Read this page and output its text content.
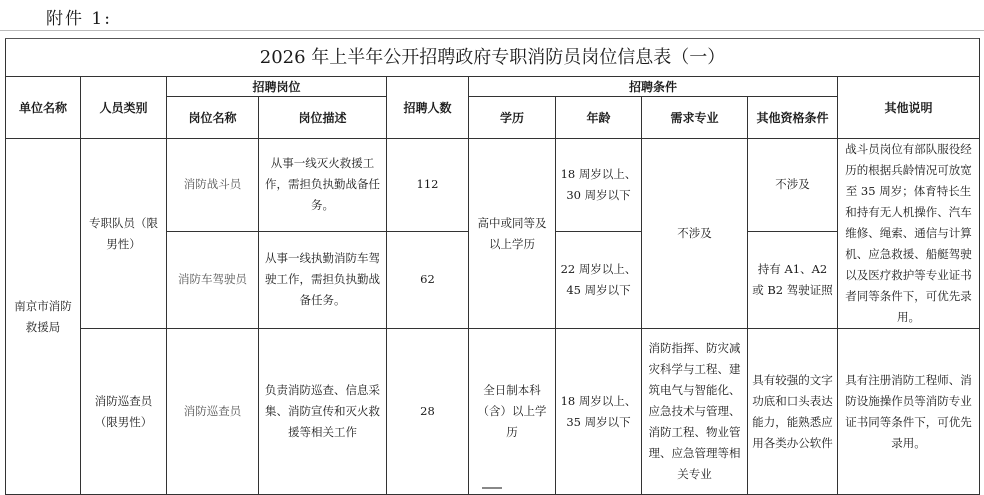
附件 1:
2026 年上半年公开招聘政府专职消防员岗位信息表（一）									
单位名称	人员类别	招聘岗位		招聘人数	招聘条件				其他说明
		岗位名称	岗位描述		学历	年龄	需求专业	其他资格条件	
南京市消防救援局	专职队员（限男性）	消防战斗员	从事一线灭火救援工作，需担负执勤战备任务。	112	高中或同等及以上学历	18 周岁以上、30 周岁以下	不涉及	不涉及	战斗员岗位有部队服役经历的根据兵龄情况可放宽至 35 周岁；体育特长生和持有无人机操作、汽车维修、绳索、通信与计算机、应急救援、船艇驾驶以及医疗救护等专业证书者同等条件下，可优先录用。
		消防车驾驶员	从事一线执勤消防车驾驶工作，需担负执勤战备任务。	62		22 周岁以上、45 周岁以下		持有 A1、A2 或 B2 驾驶证照	
	消防巡查员（限男性）	消防巡查员	负责消防巡查、信息采集、消防宣传和灭火救援等相关工作	28	全日制本科（含）以上学历	18 周岁以上、35 周岁以下	消防指挥、防灾减灾科学与工程、建筑电气与智能化、应急技术与管理、消防工程、物业管理、应急管理等相关专业	具有较强的文字功底和口头表达能力，能熟悉应用各类办公软件	具有注册消防工程师、消防设施操作员等消防专业证书同等条件下，可优先录用。
